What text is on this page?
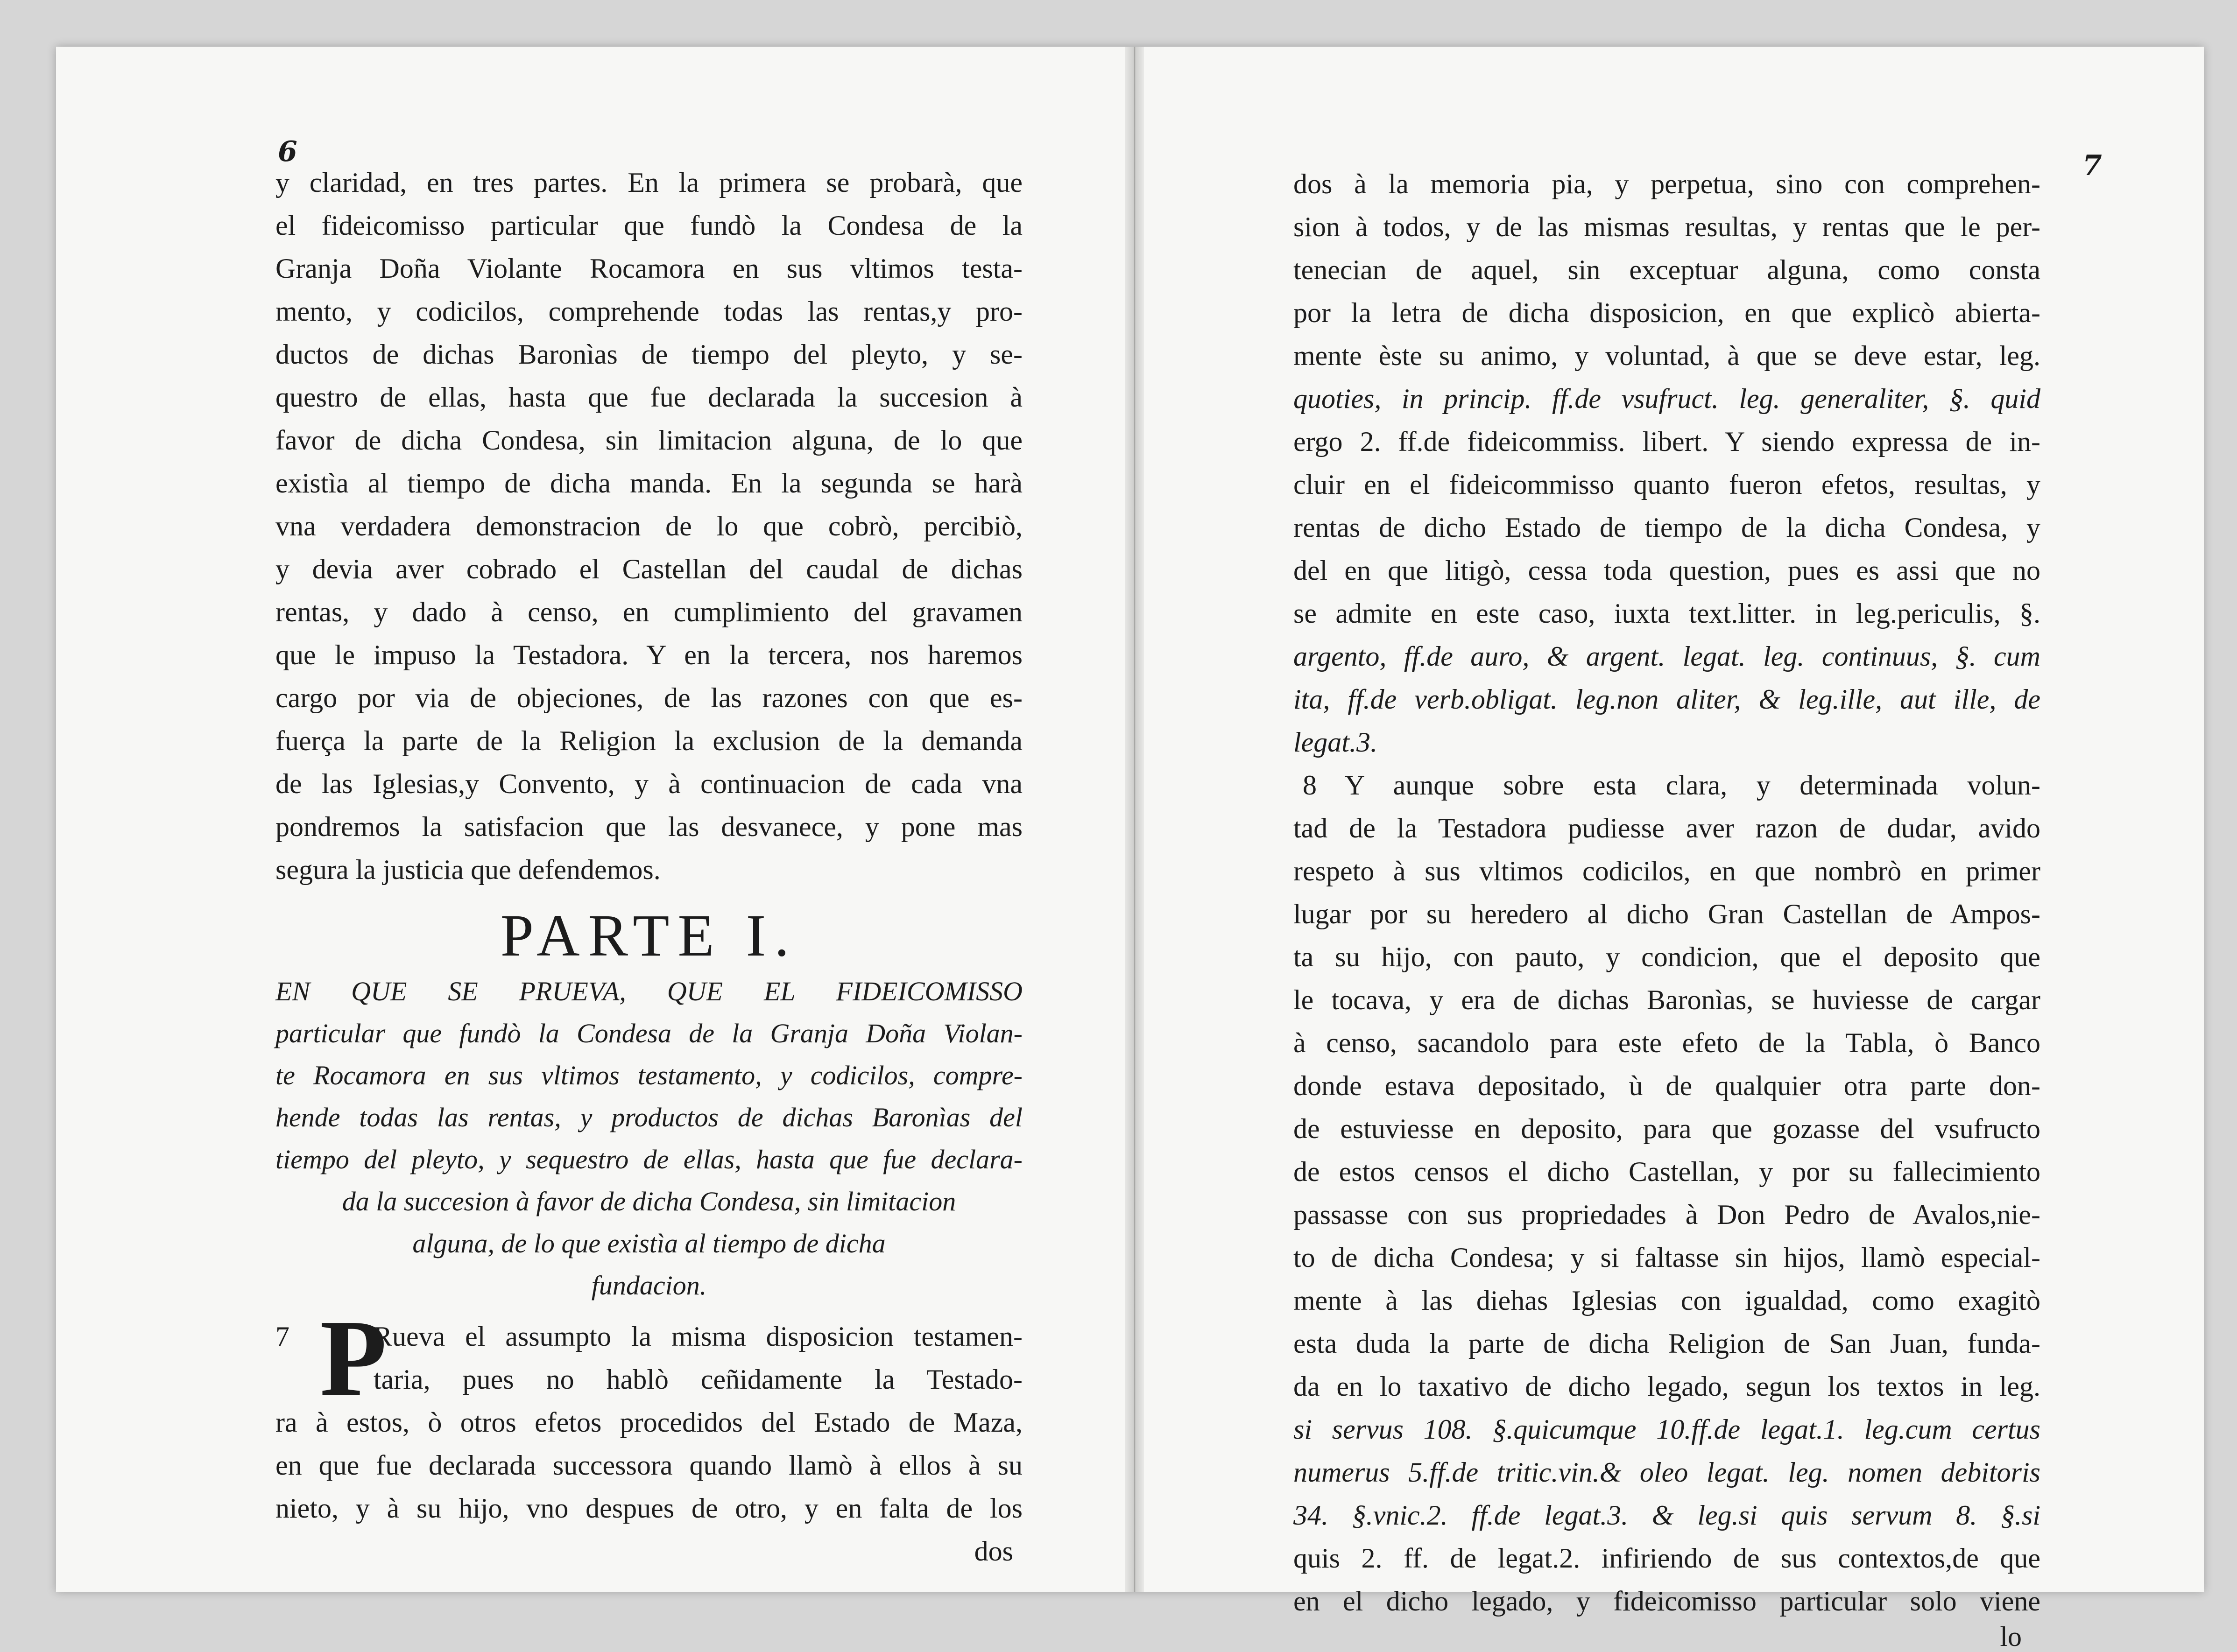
6
y claridad, en tres partes. En la primera se probarà, que
el fideicomisso particular que fundò la Condesa de la
Granja Doña Violante Rocamora en sus vltimos testa-
mento, y codicilos, comprehende todas las rentas,y pro-
ductos de dichas Baronìas de tiempo del pleyto, y se-
questro de ellas, hasta que fue declarada la succesion à
favor de dicha Condesa, sin limitacion alguna, de lo que
existìa al tiempo de dicha manda. En la segunda se harà
vna verdadera demonstracion de lo que cobrò, percibiò,
y devia aver cobrado el Castellan del caudal de dichas
rentas, y dado à censo, en cumplimiento del gravamen
que le impuso la Testadora. Y en la tercera, nos haremos
cargo por via de objeciones, de las razones con que es-
fuerça la parte de la Religion la exclusion de la demanda
de las Iglesias,y Convento, y à continuacion de cada vna
pondremos la satisfacion que las desvanece, y pone mas
segura la justicia que defendemos.
PARTE I.
EN QUE SE PRUEVA, QUE EL FIDEICOMISSO
particular que fundò la Condesa de la Granja Doña Violan-
te Rocamora en sus vltimos testamento, y codicilos, compre-
hende todas las rentas, y productos de dichas Baronìas del
tiempo del pleyto, y sequestro de ellas, hasta que fue declara-
da la succesion à favor de dicha Condesa, sin limitacion
alguna, de lo que existìa al tiempo de dicha
fundacion.
7 P
Rueva el assumpto la misma disposicion testamen-
taria, pues no hablò ceñidamente la Testado-
ra à estos, ò otros efetos procedidos del Estado de Maza,
en que fue declarada successora quando llamò à ellos à su
nieto, y à su hijo, vno despues de otro, y en falta de los
dos
7
dos à la memoria pia, y perpetua, sino con comprehen-
sion à todos, y de las mismas resultas, y rentas que le per-
tenecian de aquel, sin exceptuar alguna, como consta
por la letra de dicha disposicion, en que explicò abierta-
mente èste su animo, y voluntad, à que se deve estar, leg.
quoties, in princip. ff.de vsufruct. leg. generaliter, §. quid
ergo 2. ff.de fideicommiss. libert. Y siendo expressa de in-
cluir en el fideicommisso quanto fueron efetos, resultas, y
rentas de dicho Estado de tiempo de la dicha Condesa, y
del en que litigò, cessa toda question, pues es assi que no
se admite en este caso, iuxta text.litter. in leg.periculis, §.
argento, ff.de auro, & argent. legat. leg. continuus, §. cum
ita, ff.de verb.obligat. leg.non aliter, & leg.ille, aut ille, de
legat.3.
8	Y aunque sobre esta clara, y determinada volun-
tad de la Testadora pudiesse aver razon de dudar, avido
respeto à sus vltimos codicilos, en que nombrò en primer
lugar por su heredero al dicho Gran Castellan de Ampos-
ta su hijo, con pauto, y condicion, que el deposito que
le tocava, y era de dichas Baronìas, se huviesse de cargar
à censo, sacandolo para este efeto de la Tabla, ò Banco
donde estava depositado, ù de qualquier otra parte don-
de estuviesse en deposito, para que gozasse del vsufructo
de estos censos el dicho Castellan, y por su fallecimiento
passasse con sus propriedades à Don Pedro de Avalos,nie-
to de dicha Condesa; y si faltasse sin hijos, llamò especial-
mente à las diehas Iglesias con igualdad, como exagitò
esta duda la parte de dicha Religion de San Juan, funda-
da en lo taxativo de dicho legado, segun los textos in leg.
si servus 108. §.quicumque 10.ff.de legat.1. leg.cum certus
numerus 5.ff.de tritic.vin.& oleo legat. leg. nomen debitoris
34. §.vnic.2. ff.de legat.3. & leg.si quis servum 8. §.si
quis 2. ff. de legat.2. infiriendo de sus contextos,de que
en el dicho legado, y fideicomisso particular solo viene
lo
